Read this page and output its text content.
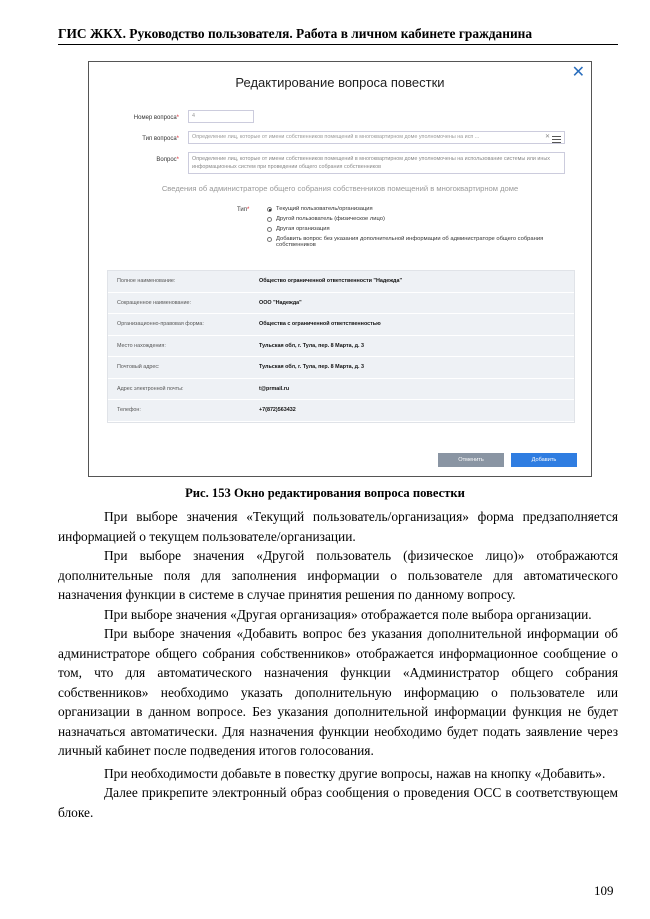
ГИС ЖКХ. Руководство пользователя. Работа в личном кабинете гражданина
✕
Редактирование вопроса повестки
Номер вопроса*	4
Тип вопроса*	Определение лиц, которые от имени собственников помещений в многоквартирном доме уполномочены на исп ...	✕
Вопрос*	Определение лиц, которые от имени собственников помещений в многоквартирном доме уполномочены на использование системы или иных информационных систем при проведении общего собрания собственников
Сведения об администраторе общего собрания собственников помещений в многоквартирном доме
Тип*	Текущий пользователь/организация
Другой пользователь (физическое лицо)
Другая организация
Добавить вопрос без указания дополнительной информации об администраторе общего собрания собственников
Полное наименование:	Общество ограниченной ответственности "Надежда"
Сокращенное наименование:	ООО "Надежда"
Организационно-правовая форма:	Общества с ограниченной ответственностью
Место нахождения:	Тульская обл, г. Тула, пер. 8 Марта, д. 3
Почтовый адрес:	Тульская обл, г. Тула, пер. 8 Марта, д. 3
Адрес электронной почты:	t@prmail.ru
Телефон:	+7(872)563432
Отменить	Добавить
Рис. 153 Окно редактирования вопроса повестки
При выборе значения «Текущий пользователь/организация» форма предзаполняется информацией о текущем пользователе/организации.
При выборе значения «Другой пользователь (физическое лицо)» отображаются дополнительные поля для заполнения информации о пользователе для автоматического назначения функции в системе в случае принятия решения по данному вопросу.
При выборе значения «Другая организация» отображается поле выбора организации.
При выборе значения «Добавить вопрос без указания дополнительной информации об администраторе общего собрания собственников» отображается информационное сообщение о том, что для автоматического назначения функции «Администратор общего собрания собственников» необходимо указать дополнительную информацию о пользователе или организации в данном вопросе. Без указания дополнительной информации функция не будет назначаться автоматически. Для назначения функции необходимо будет подать заявление через личный кабинет после подведения итогов голосования.
При необходимости добавьте в повестку другие вопросы, нажав на кнопку «Добавить».
Далее прикрепите электронный образ сообщения о проведения ОСС в соответствующем блоке.
109
